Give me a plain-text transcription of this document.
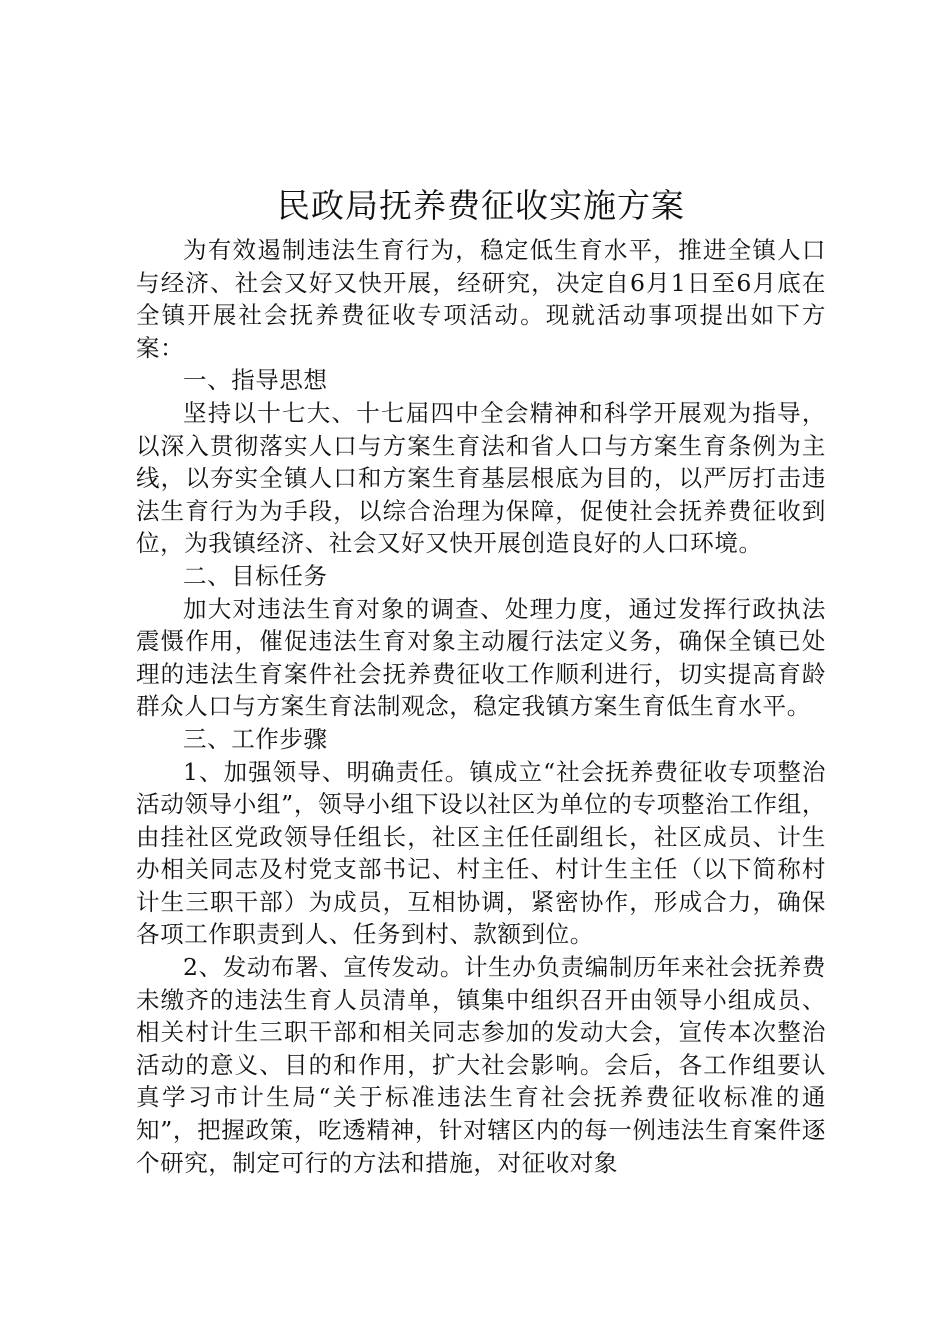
民政局抚养费征收实施方案

为有效遏制违法生育行为，稳定低生育水平，推进全镇人口与经济、社会又好又快开展，经研究，决定自6月1日至6月底在全镇开展社会抚养费征收专项活动。现就活动事项提出如下方案：

一、指导思想

坚持以十七大、十七届四中全会精神和科学开展观为指导，以深入贯彻落实人口与方案生育法和省人口与方案生育条例为主线，以夯实全镇人口和方案生育基层根底为目的，以严厉打击违法生育行为为手段，以综合治理为保障，促使社会抚养费征收到位，为我镇经济、社会又好又快开展创造良好的人口环境。

二、目标任务

加大对违法生育对象的调查、处理力度，通过发挥行政执法震慑作用，催促违法生育对象主动履行法定义务，确保全镇已处理的违法生育案件社会抚养费征收工作顺利进行，切实提高育龄群众人口与方案生育法制观念，稳定我镇方案生育低生育水平。

三、工作步骤

1、加强领导、明确责任。镇成立“社会抚养费征收专项整治活动领导小组”，领导小组下设以社区为单位的专项整治工作组，由挂社区党政领导任组长，社区主任任副组长，社区成员、计生办相关同志及村党支部书记、村主任、村计生主任（以下简称村计生三职干部）为成员，互相协调，紧密协作，形成合力，确保各项工作职责到人、任务到村、款额到位。

2、发动布署、宣传发动。计生办负责编制历年来社会抚养费未缴齐的违法生育人员清单，镇集中组织召开由领导小组成员、相关村计生三职干部和相关同志参加的发动大会，宣传本次整治活动的意义、目的和作用，扩大社会影响。会后，各工作组要认真学习市计生局“关于标准违法生育社会抚养费征收标准的通知”，把握政策，吃透精神，针对辖区内的每一例违法生育案件逐个研究，制定可行的方法和措施，对征收对象
